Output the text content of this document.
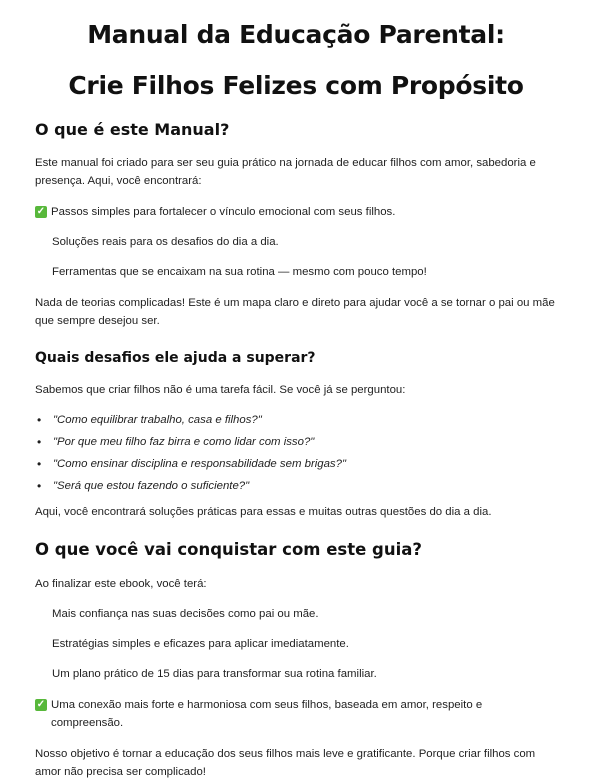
Manual da Educação Parental:
Crie Filhos Felizes com Propósito
O que é este Manual?

Este manual foi criado para ser seu guia prático na jornada de educar filhos com amor, sabedoria e presença. Aqui, você encontrará:

✓ Passos simples para fortalecer o vínculo emocional com seus filhos.

Soluções reais para os desafios do dia a dia.

Ferramentas que se encaixam na sua rotina — mesmo com pouco tempo!

Nada de teorias complicadas! Este é um mapa claro e direto para ajudar você a se tornar o pai ou mãe que sempre desejou ser.

Quais desafios ele ajuda a superar?

Sabemos que criar filhos não é uma tarefa fácil. Se você já se perguntou:

• "Como equilibrar trabalho, casa e filhos?"
• "Por que meu filho faz birra e como lidar com isso?"
• "Como ensinar disciplina e responsabilidade sem brigas?"
• "Será que estou fazendo o suficiente?"

Aqui, você encontrará soluções práticas para essas e muitas outras questões do dia a dia.

O que você vai conquistar com este guia?

Ao finalizar este ebook, você terá:

Mais confiança nas suas decisões como pai ou mãe.

Estratégias simples e eficazes para aplicar imediatamente.

Um plano prático de 15 dias para transformar sua rotina familiar.

✓ Uma conexão mais forte e harmoniosa com seus filhos, baseada em amor, respeito e compreensão.

Nosso objetivo é tornar a educação dos seus filhos mais leve e gratificante. Porque criar filhos com amor não precisa ser complicado!
